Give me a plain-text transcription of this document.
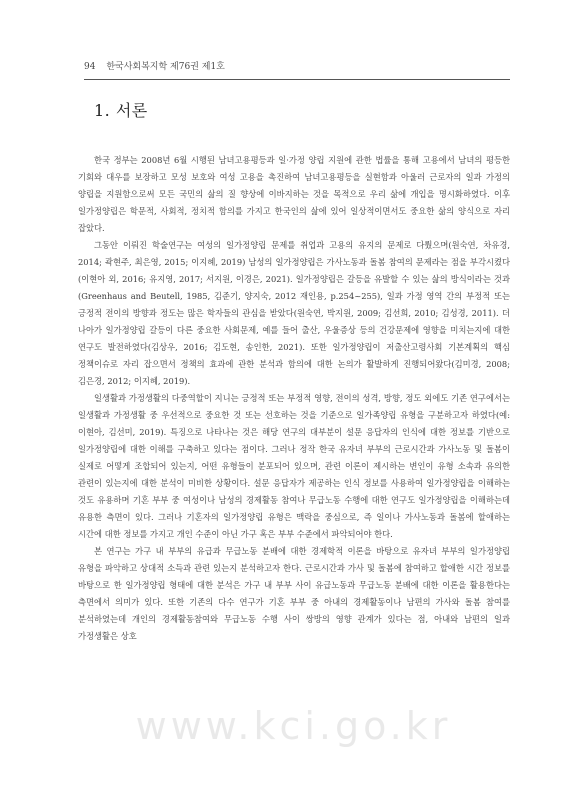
94 한국사회복지학 제76권 제1호
1. 서론

한국 정부는 2008년 6월 시행된 남녀고용평등과 일·가정 양립 지원에 관한 법률을 통해 고용에서 남녀의 평등한 기회와 대우를 보장하고 모성 보호와 여성 고용을 촉진하여 남녀고용평등을 실현함과 아울러 근로자의 일과 가정의 양립을 지원함으로써 모든 국민의 삶의 질 향상에 이바지하는 것을 목적으로 우리 삶에 개입을 명시화하였다. 이후 일가정양립은 학문적, 사회적, 정치적 함의를 가지고 한국인의 삶에 있어 일상적이면서도 중요한 삶의 양식으로 자리 잡았다.

그동안 이뤄진 학술연구는 여성의 일가정양립 문제를 취업과 고용의 유지의 문제로 다뤘으며(원숙연, 차유경, 2014; 곽현주, 최은영, 2015; 이지혜, 2019) 남성의 일가정양립은 가사노동과 돌봄 참여의 문제라는 점을 부각시켰다(이현아 외, 2016; 유지영, 2017; 서지원, 이경은, 2021). 일가정양립은 갈등을 유발할 수 있는 삶의 방식이라는 것과(Greenhaus and Beutell, 1985, 김준기, 양지숙, 2012 재인용, p.254~255), 일과 가정 영역 간의 부정적 또는 긍정적 전이의 방향과 정도는 많은 학자들의 관심을 받았다(원숙연, 박지원, 2009; 김선희, 2010; 김성경, 2011). 더 나아가 일가정양립 갈등이 다른 중요한 사회문제, 예를 들어 출산, 우울증상 등의 건강문제에 영향을 미치는지에 대한 연구도 발전하였다(김상우, 2016; 김도현, 송인한, 2021). 또한 일가정양립이 저출산고령사회 기본계획의 핵심 정책이슈로 자리 잡으면서 정책의 효과에 관한 분석과 함의에 대한 논의가 활발하게 진행되어왔다(김미경, 2008; 김은경, 2012; 이지혜, 2019).

일생활과 가정생활의 다중역할이 지니는 긍정적 또는 부정적 영향, 전이의 성격, 방향, 정도 외에도 기존 연구에서는 일생활과 가정생활 중 우선적으로 중요한 것 또는 선호하는 것을 기준으로 일가족양립 유형을 구분하고자 하였다(예: 이현아, 김선미, 2019). 특징으로 나타나는 것은 해당 연구의 대부분이 설문 응답자의 인식에 대한 정보를 기반으로 일가정양립에 대한 이해를 구축하고 있다는 점이다. 그러나 정작 한국 유자녀 부부의 근로시간과 가사노동 및 돌봄이 실제로 어떻게 조합되어 있는지, 어떤 유형들이 분포되어 있으며, 관련 이론이 제시하는 변인이 유형 소속과 유의한 관련이 있는지에 대한 분석이 미비한 상황이다. 설문 응답자가 제공하는 인식 정보를 사용하여 일가정양립을 이해하는 것도 유용하며 기혼 부부 중 여성이나 남성의 경제활동 참여나 무급노동 수행에 대한 연구도 일가정양립을 이해하는데 유용한 측면이 있다. 그러나 기혼자의 일가정양립 유형은 맥락을 중심으로, 즉 일이나 가사노동과 돌봄에 할애하는 시간에 대한 정보를 가지고 개인 수준이 아닌 가구 혹은 부부 수준에서 파악되어야 한다.

본 연구는 가구 내 부부의 유급과 무급노동 분배에 대한 경제학적 이론을 바탕으로 유자녀 부부의 일가정양립 유형을 파악하고 상대적 소득과 관련 있는지 분석하고자 한다. 근로시간과 가사 및 돌봄에 참여하고 할애한 시간 정보를 바탕으로 한 일가정양립 형태에 대한 분석은 가구 내 부부 사이 유급노동과 무급노동 분배에 대한 이론을 활용한다는 측면에서 의미가 있다. 또한 기존의 다수 연구가 기혼 부부 중 아내의 경제활동이나 남편의 가사와 돌봄 참여를 분석하였는데 개인의 경제활동참여와 무급노동 수행 사이 쌍방의 영향 관계가 있다는 점, 아내와 남편의 일과 가정생활은 상호

www.kci.go.kr
